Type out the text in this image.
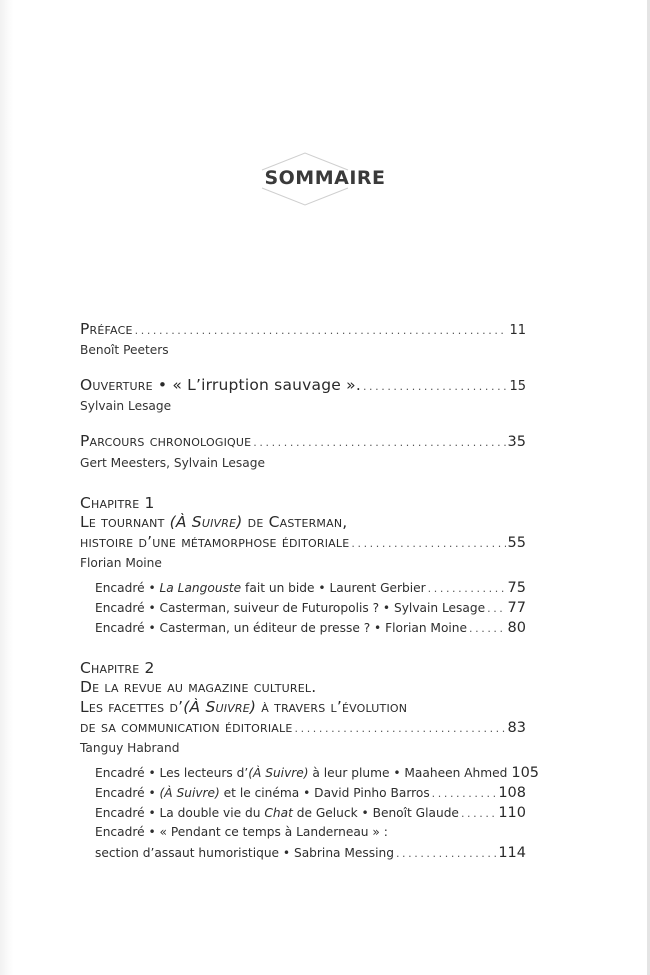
SOMMAIRE
Préface .....	11
Benoît Peeters
Ouverture • « L’irruption sauvage ». .....	15
Sylvain Lesage
Parcours chronologique .....	35
Gert Meesters, Sylvain Lesage
Chapitre 1
Le tournant (À Suivre) de Casterman,
histoire d’une métamorphose éditoriale .....	55
Florian Moine
Encadré • La Langouste fait un bide • Laurent Gerbier .....	75
Encadré • Casterman, suiveur de Futuropolis ? • Sylvain Lesage ..... 77
Encadré • Casterman, un éditeur de presse ? • Florian Moine .....	80
Chapitre 2
De la revue au magazine culturel.
Les facettes d’(À Suivre) à travers l’évolution
de sa communication éditoriale .....	83
Tanguy Habrand
Encadré • Les lecteurs d’(À Suivre) à leur plume • Maaheen Ahmed 105
Encadré • (À Suivre) et le cinéma • David Pinho Barros .....	108
Encadré • La double vie du Chat de Geluck • Benoît Glaude .....	110
Encadré • « Pendant ce temps à Landerneau » :
section d’assaut humoristique • Sabrina Messing .....	114
